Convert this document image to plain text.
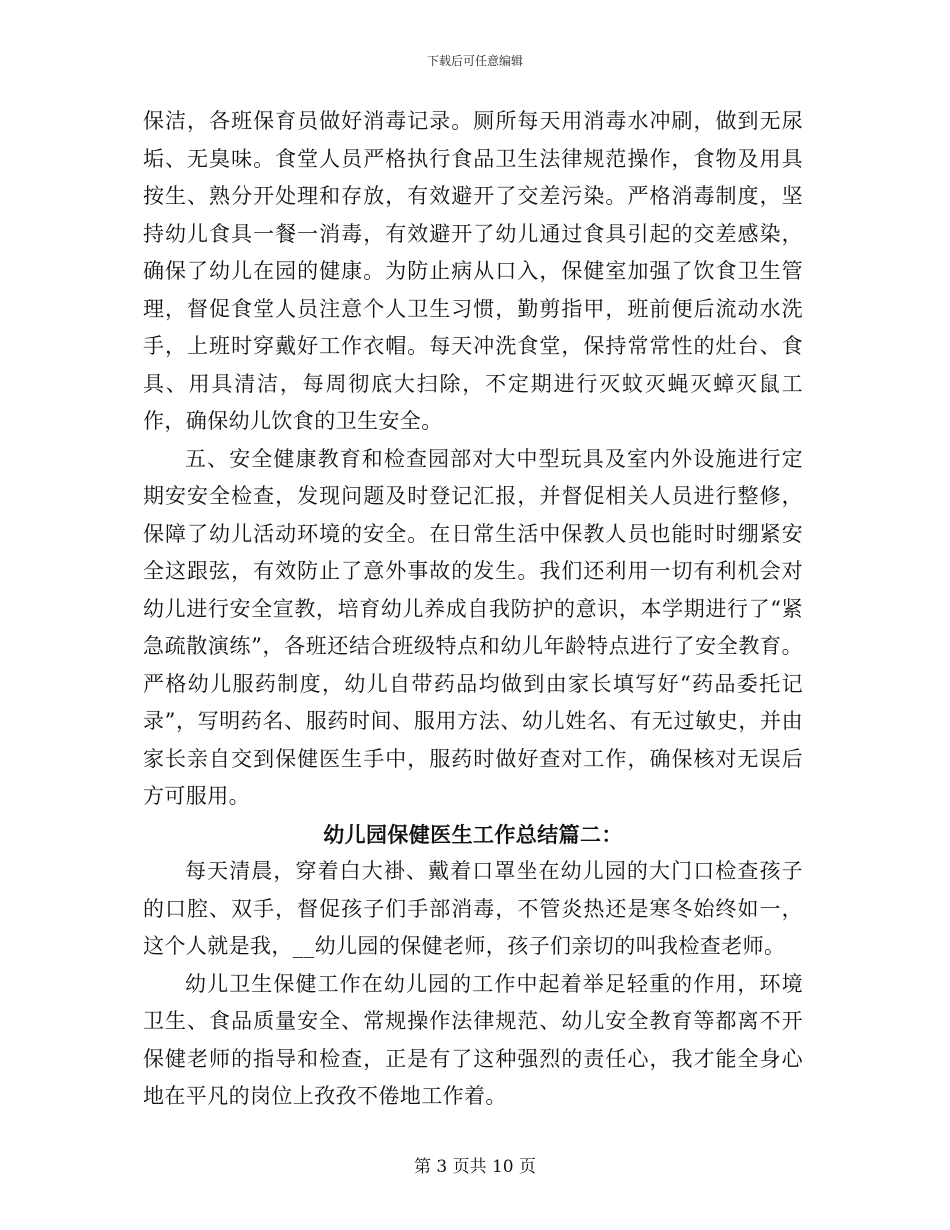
下载后可任意编辑

保洁，各班保育员做好消毒记录。厕所每天用消毒水冲刷，做到无尿垢、无臭味。食堂人员严格执行食品卫生法律规范操作，食物及用具按生、熟分开处理和存放，有效避开了交差污染。严格消毒制度，坚持幼儿食具一餐一消毒，有效避开了幼儿通过食具引起的交差感染，确保了幼儿在园的健康。为防止病从口入，保健室加强了饮食卫生管理，督促食堂人员注意个人卫生习惯，勤剪指甲，班前便后流动水洗手，上班时穿戴好工作衣帽。每天冲洗食堂，保持常常性的灶台、食具、用具清洁，每周彻底大扫除，不定期进行灭蚊灭蝇灭蟑灭鼠工作，确保幼儿饮食的卫生安全。

五、安全健康教育和检查园部对大中型玩具及室内外设施进行定期安安全检查，发现问题及时登记汇报，并督促相关人员进行整修，保障了幼儿活动环境的安全。在日常生活中保教人员也能时时绷紧安全这跟弦，有效防止了意外事故的发生。我们还利用一切有利机会对幼儿进行安全宣教，培育幼儿养成自我防护的意识，本学期进行了“紧急疏散演练”，各班还结合班级特点和幼儿年龄特点进行了安全教育。严格幼儿服药制度，幼儿自带药品均做到由家长填写好“药品委托记录”，写明药名、服药时间、服用方法、幼儿姓名、有无过敏史，并由家长亲自交到保健医生手中，服药时做好查对工作，确保核对无误后方可服用。

幼儿园保健医生工作总结篇二：

每天清晨，穿着白大褂、戴着口罩坐在幼儿园的大门口检查孩子的口腔、双手，督促孩子们手部消毒，不管炎热还是寒冬始终如一，这个人就是我，__幼儿园的保健老师，孩子们亲切的叫我检查老师。

幼儿卫生保健工作在幼儿园的工作中起着举足轻重的作用，环境卫生、食品质量安全、常规操作法律规范、幼儿安全教育等都离不开保健老师的指导和检查，正是有了这种强烈的责任心，我才能全身心地在平凡的岗位上孜孜不倦地工作着。

第 3 页共 10 页
